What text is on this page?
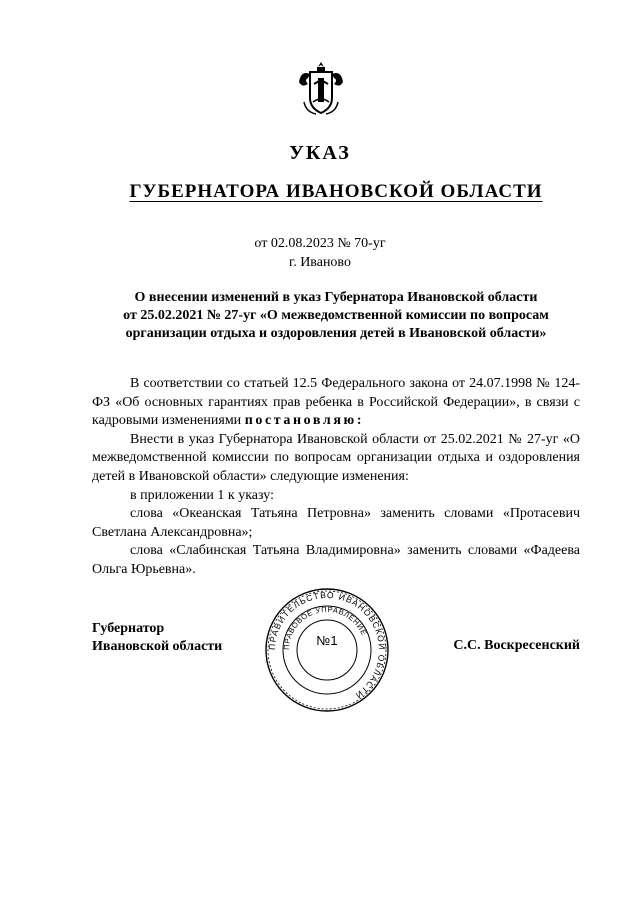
УКАЗ
ГУБЕРНАТОРА ИВАНОВСКОЙ ОБЛАСТИ
от 02.08.2023 № 70-уг
г. Иваново
О внесении изменений в указ Губернатора Ивановской области
от 25.02.2021 № 27-уг «О межведомственной комиссии по вопросам
организации отдыха и оздоровления детей в Ивановской области»

В соответствии со статьей 12.5 Федерального закона от 24.07.1998 № 124-ФЗ «Об основных гарантиях прав ребенка в Российской Федерации», в связи с кадровыми изменениями постановляю:

Внести в указ Губернатора Ивановской области от 25.02.2021 № 27-уг «О межведомственной комиссии по вопросам организации отдыха и оздоровления детей в Ивановской области» следующие изменения:

в приложении 1 к указу:

слова «Океанская Татьяна Петровна» заменить словами «Протасевич Светлана Александровна»;

слова «Слабинская Татьяна Владимировна» заменить словами «Фадеева Ольга Юрьевна».

Губернатор
Ивановской области	ПРАВИТЕЛЬСТВО ИВАНОВСКОЙ ОБЛАСТИ
ПРАВОВОЕ УПРАВЛЕНИЕ
№1	С.С. Воскресенский
